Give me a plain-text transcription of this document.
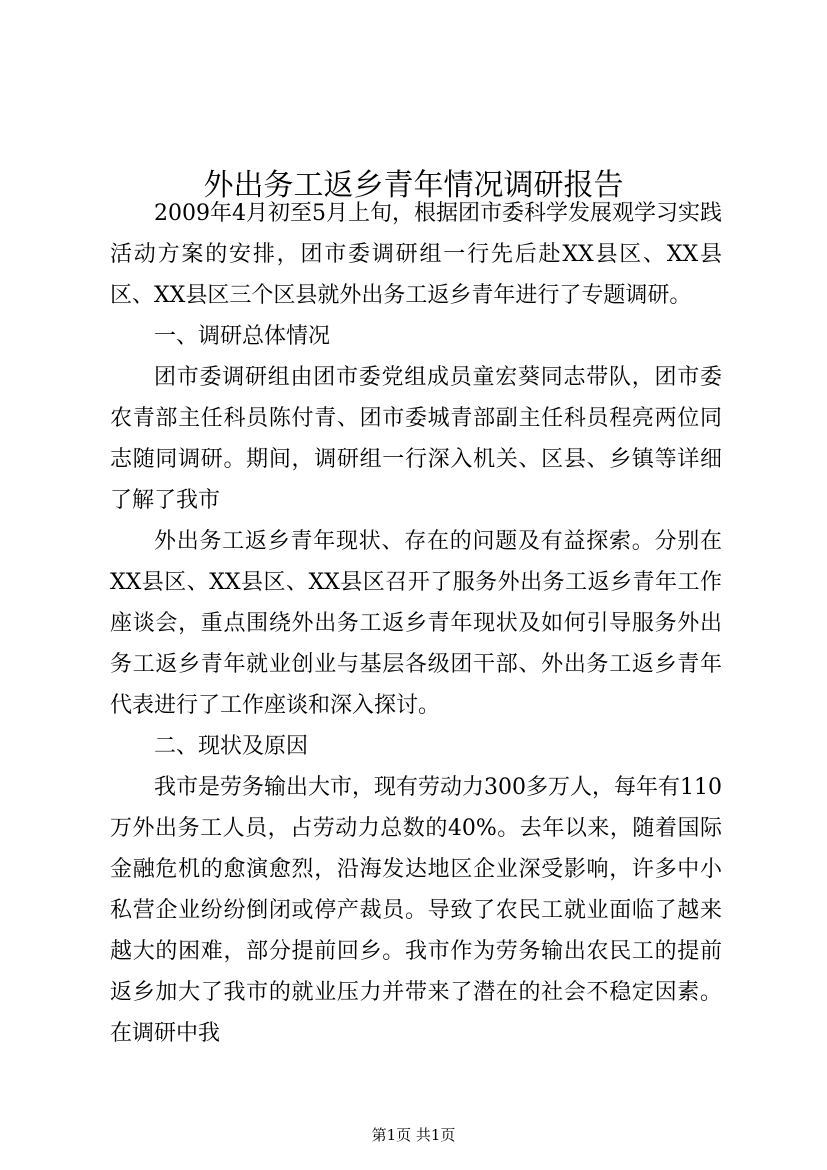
外出务工返乡青年情况调研报告

2009年4月初至5月上旬，根据团市委科学发展观学习实践活动方案的安排，团市委调研组一行先后赴XX县区、XX县区、XX县区三个区县就外出务工返乡青年进行了专题调研。

一、调研总体情况

团市委调研组由团市委党组成员童宏葵同志带队，团市委农青部主任科员陈付青、团市委城青部副主任科员程亮两位同志随同调研。期间，调研组一行深入机关、区县、乡镇等详细了解了我市

外出务工返乡青年现状、存在的问题及有益探索。分别在XX县区、XX县区、XX县区召开了服务外出务工返乡青年工作座谈会，重点围绕外出务工返乡青年现状及如何引导服务外出务工返乡青年就业创业与基层各级团干部、外出务工返乡青年代表进行了工作座谈和深入探讨。

二、现状及原因

我市是劳务输出大市，现有劳动力300多万人，每年有110万外出务工人员，占劳动力总数的40%。去年以来，随着国际金融危机的愈演愈烈，沿海发达地区企业深受影响，许多中小私营企业纷纷倒闭或停产裁员。导致了农民工就业面临了越来越大的困难，部分提前回乡。我市作为劳务输出农民工的提前返乡加大了我市的就业压力并带来了潜在的社会不稳定因素。在调研中我

第1页 共1页
